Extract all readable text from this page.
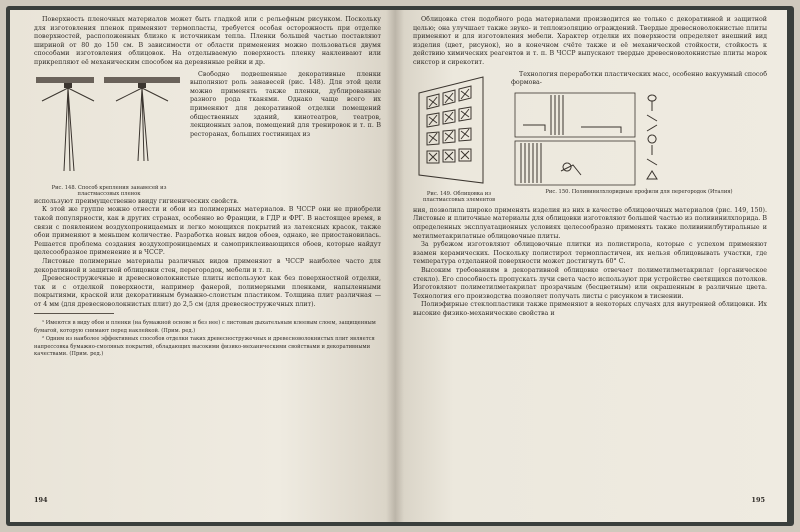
Поверхность пленочных материалов может быть гладкой или с рельефным рисунком. Поскольку для изготовления пленок применяют термопласты, требуется особая осторожность при отделке поверхностей, расположенных близко к источникам тепла. Пленки большей частью поставляют шириной от 80 до 150 см. В зависимости от области применения можно пользоваться двумя способами изготовления облицовок. На отделываемую поверхность пленку наклеивают или прикрепляют её механическим способом на деревянные рейки и др.

Рис. 148. Способ крепления занавесей из пластмассовых пленок

Свободно подвешенные декоративные пленки выполняют роль занавесей (рис. 148). Для этой цели можно применять также пленки, дублированные разного рода тканями. Однако чаще всего их применяют для декоративной отделки помещений общественных зданий, кинотеатров, театров, лекционных залов, помещений для тренировок и т. п. В ресторанах, больших гостиницах из

используют преимущественно ввиду гигиенических свойств.

К этой же группе можно отнести и обои из полимерных материалов. В ЧССР они не приобрели такой популярности, как в других странах, особенно во Франции, в ГДР и ФРГ. В настоящее время, в связи с появлением воздухопроницаемых и легко моющихся покрытий из латексных красок, также обои применяют в меньшем количестве. Разработка новых видов обоев, однако, не приостановилась. Решается проблема создания воздухопроницаемых и самоприклеивающихся обоев, которые найдут целесообразное применение и в ЧССР.

Листовые полимерные материалы различных видов применяют в ЧССР наиболее часто для декоративной и защитной облицовки стен, перегородок, мебели и т. п.

Древесностружечные и древесноволокнистые плиты используют как без поверхностной отделки, так и с отделкой поверхности, например фанерой, полимерными пленками, напыленными покрытиями, краской или декоративным бумажно-слоистым пластиком. Толщина плит различная — от 4 мм (для древесноволокнистых плит) до 2,5 см (для древесностружечных плит).

¹ Имеются в виду обои и пленки (на бумажной основе и без нее) с листовым дыхательным клеевым слоем, защищенным бумагой, которую снимают перед наклейкой. (Прим. ред.)

² Одним из наиболее эффективных способов отделки таких древесностружечных и древесноволокнистых плит является напрессовка бумажно-смоляных покрытий, обладающих высокими физико-механическими свойствами и декоративными качествами. (Прим. ред.)

194

Облицовка стен подобного рода материалами производится не только с декоративной и защитной целью; она улучшает также звуко- и теплоизоляцию ограждений. Твердые древесноволокнистые плиты применяют и для изготовления мебели. Характер отделки их поверхности определяет внешний вид изделия (цвет, рисунок), но в конечном счёте также и её механической стойкости, стойкость к действию химических реагентов и т. п. В ЧССР выпускают твердые древесноволокнистые плиты марок сикстор и сирекотит.

Рис. 149. Облицовка из пластмассовых элементов

Технология переработки пластических масс, особенно вакуумный способ формова-

Рис. 150. Поливинилхлоридные профили для перегородок (Италия)

ния, позволила широко применять изделия из них в качестве облицовочных материалов (рис. 149, 150). Листовые и плиточные материалы для облицовки изготовляют большей частью из поливинилхлорида. В определенных эксплуатационных условиях целесообразно применять также поливинилбутиральные и метилметакрилатные облицовочные плиты.

За рубежом изготовляют облицовочные плитки из полистирола, которые с успехом применяют взамен керамических. Поскольку полистирол термопластичен, их нельзя облицовывать участки, где температура отделанной поверхности может достигнуть 60° С.

Высоким требованиям в декоративной облицовке отвечает полиметилметакрилат (органическое стекло). Его способность пропускать лучи света часто используют при устройстве светящихся потолков. Изготовляют полиметилметакрилат прозрачным (бесцветным) или окрашенным в различные цвета. Технология его производства позволяет получать листы с рисунком в тиснении.

Полиэфирные стеклопластики также применяют в некоторых случаях для внутренней облицовки. Их высокие физико-механические свойства и

195
